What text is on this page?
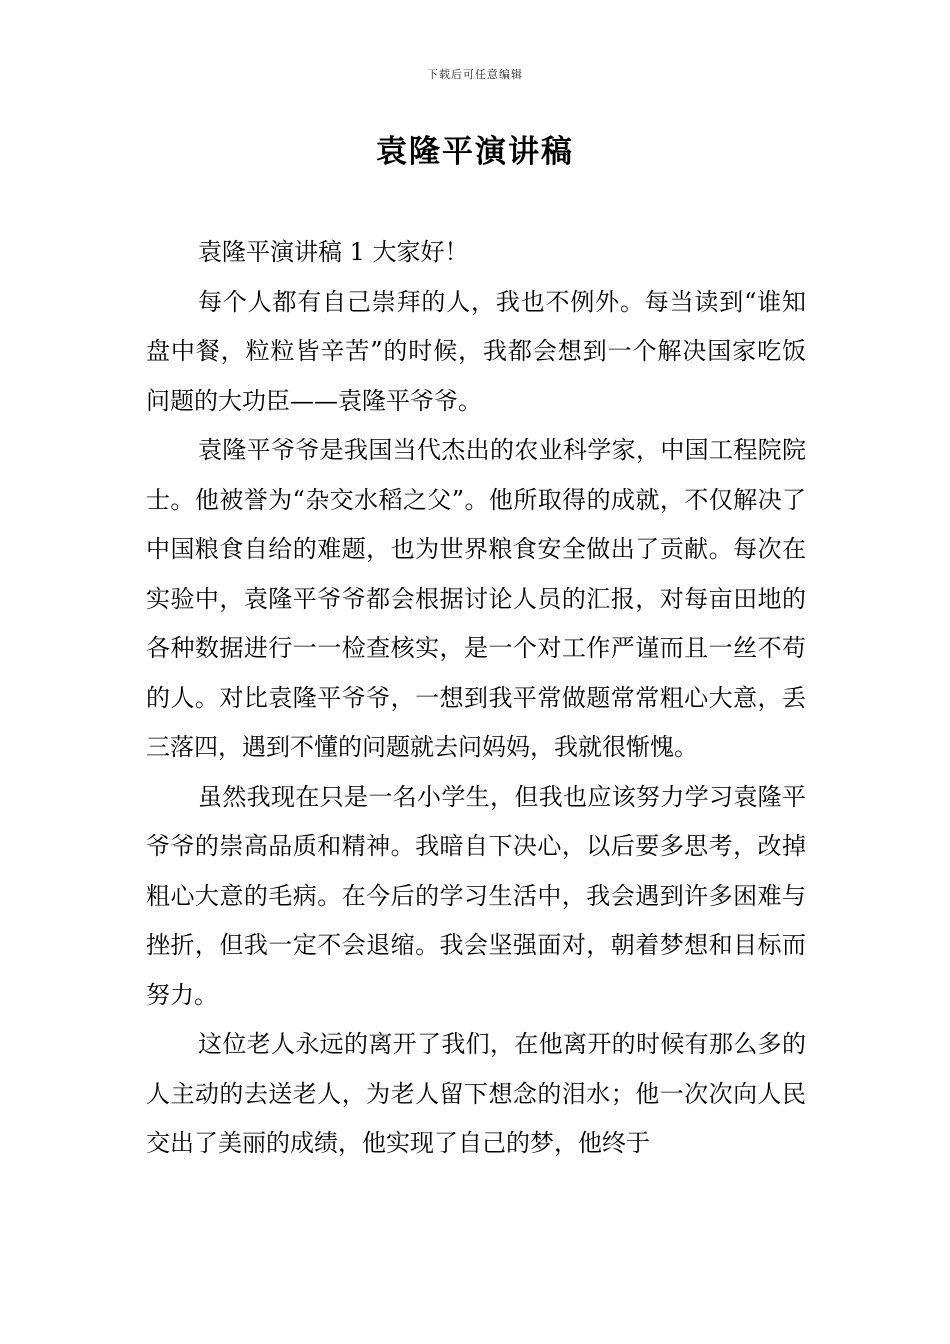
下载后可任意编辑
袁隆平演讲稿

袁隆平演讲稿 1 大家好！

每个人都有自己崇拜的人，我也不例外。每当读到“谁知盘中餐，粒粒皆辛苦”的时候，我都会想到一个解决国家吃饭问题的大功臣——袁隆平爷爷。

袁隆平爷爷是我国当代杰出的农业科学家，中国工程院院士。他被誉为“杂交水稻之父”。他所取得的成就，不仅解决了中国粮食自给的难题，也为世界粮食安全做出了贡献。每次在实验中，袁隆平爷爷都会根据讨论人员的汇报，对每亩田地的各种数据进行一一检查核实，是一个对工作严谨而且一丝不苟的人。对比袁隆平爷爷，一想到我平常做题常常粗心大意，丢三落四，遇到不懂的问题就去问妈妈，我就很惭愧。

虽然我现在只是一名小学生，但我也应该努力学习袁隆平爷爷的崇高品质和精神。我暗自下决心，以后要多思考，改掉粗心大意的毛病。在今后的学习生活中，我会遇到许多困难与挫折，但我一定不会退缩。我会坚强面对，朝着梦想和目标而努力。

这位老人永远的离开了我们，在他离开的时候有那么多的人主动的去送老人，为老人留下想念的泪水；他一次次向人民交出了美丽的成绩，他实现了自己的梦，他终于
